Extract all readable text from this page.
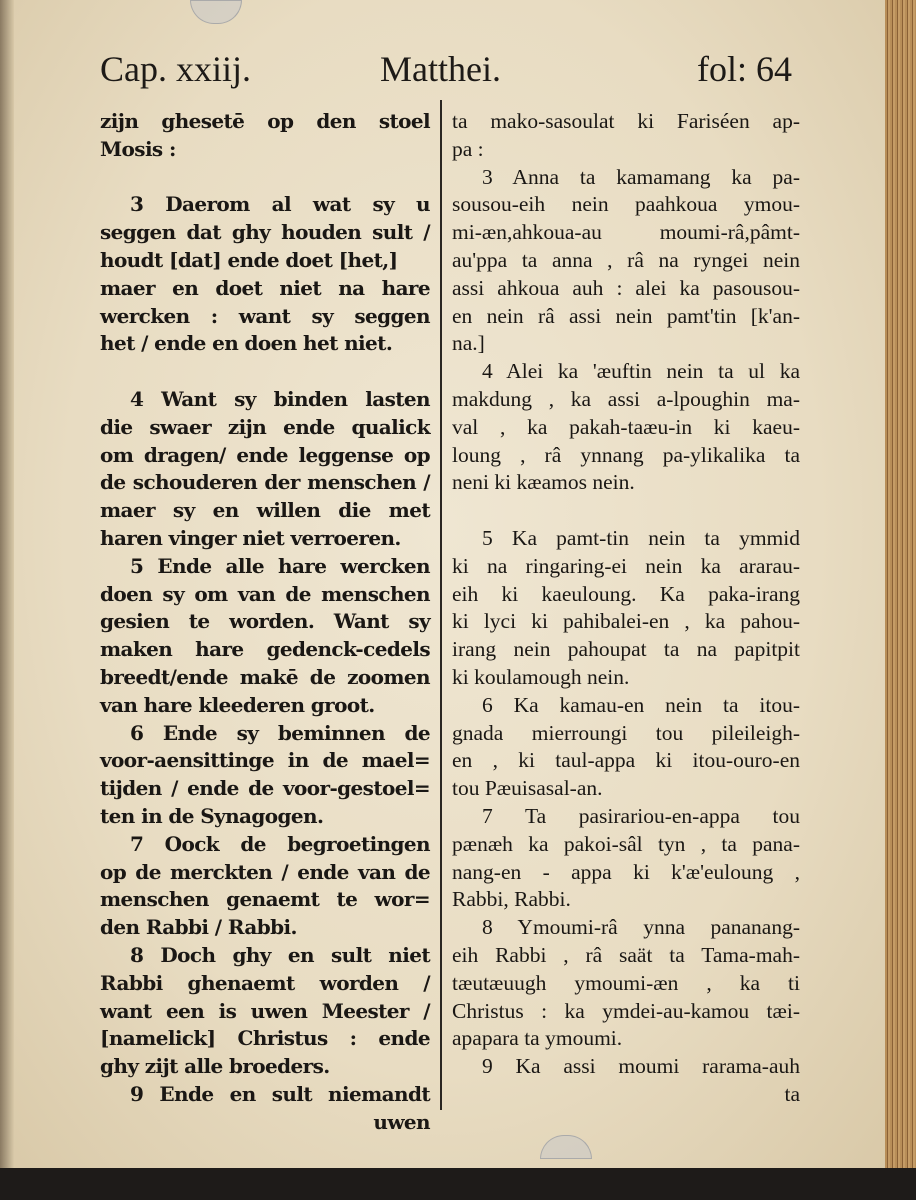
Cap. xxiij.	Matthei.	fol: 64
zijn ghesetē op den stoel
Mosis :
3 Daerom al wat sy u
seggen dat ghy houden sult /
houdt [dat] ende doet [het,]
maer en doet niet na hare
wercken : want sy seggen
het / ende en doen het niet.
4 Want sy binden lasten
die swaer zijn ende qualick
om dragen/ ende leggense op
de schouderen der menschen /
maer sy en willen die met
haren vinger niet verroeren.
5 Ende alle hare wercken
doen sy om van de menschen
gesien te worden. Want sy
maken hare gedenck-cedels
breedt/ende makē de zoomen
van hare kleederen groot.
6 Ende sy beminnen de
voor-aensittinge in de mael=
tijden / ende de voor-gestoel=
ten in de Synagogen.
7 Oock de begroetingen
op de merckten / ende van de
menschen genaemt te wor=
den Rabbi / Rabbi.
8 Doch ghy en sult niet
Rabbi ghenaemt worden /
want een is uwen Meester /
[namelick] Christus : ende
ghy zijt alle broeders.
9 Ende en sult niemandt
uwen
ta mako-sasoulat ki Fariséen ap-
pa :
3 Anna ta kamamang ka pa-
sousou-eih nein paahkoua ymou-
mi-æn,ahkoua-au moumi-râ,pâmt-
au'ppa ta anna , râ na ryngei nein
assi ahkoua auh : alei ka pasousou-
en nein râ assi nein pamt'tin [k'an-
na.]
4 Alei ka 'æuftin nein ta ul ka
makdung , ka assi a-lpoughin ma-
val , ka pakah-taæu-in ki kaeu-
loung , râ ynnang pa-ylikalika ta
neni ki kæamos nein.
5 Ka pamt-tin nein ta ymmid
ki na ringaring-ei nein ka ararau-
eih ki kaeuloung. Ka paka-irang
ki lyci ki pahibalei-en , ka pahou-
irang nein pahoupat ta na papitpit
ki koulamough nein.
6 Ka kamau-en nein ta itou-
gnada mierroungi tou pileileigh-
en , ki taul-appa ki itou-ouro-en
tou Pæuisasal-an.
7 Ta pasirariou-en-appa tou
pænæh ka pakoi-sâl tyn , ta pana-
nang-en - appa ki k'æ'euloung ,
Rabbi, Rabbi.
8 Ymoumi-râ ynna pananang-
eih Rabbi , râ saät ta Tama-mah-
tæutæuugh ymoumi-æn , ka ti
Christus : ka ymdei-au-kamou tæi-
apapara ta ymoumi.
9 Ka assi moumi rarama-auh
ta
